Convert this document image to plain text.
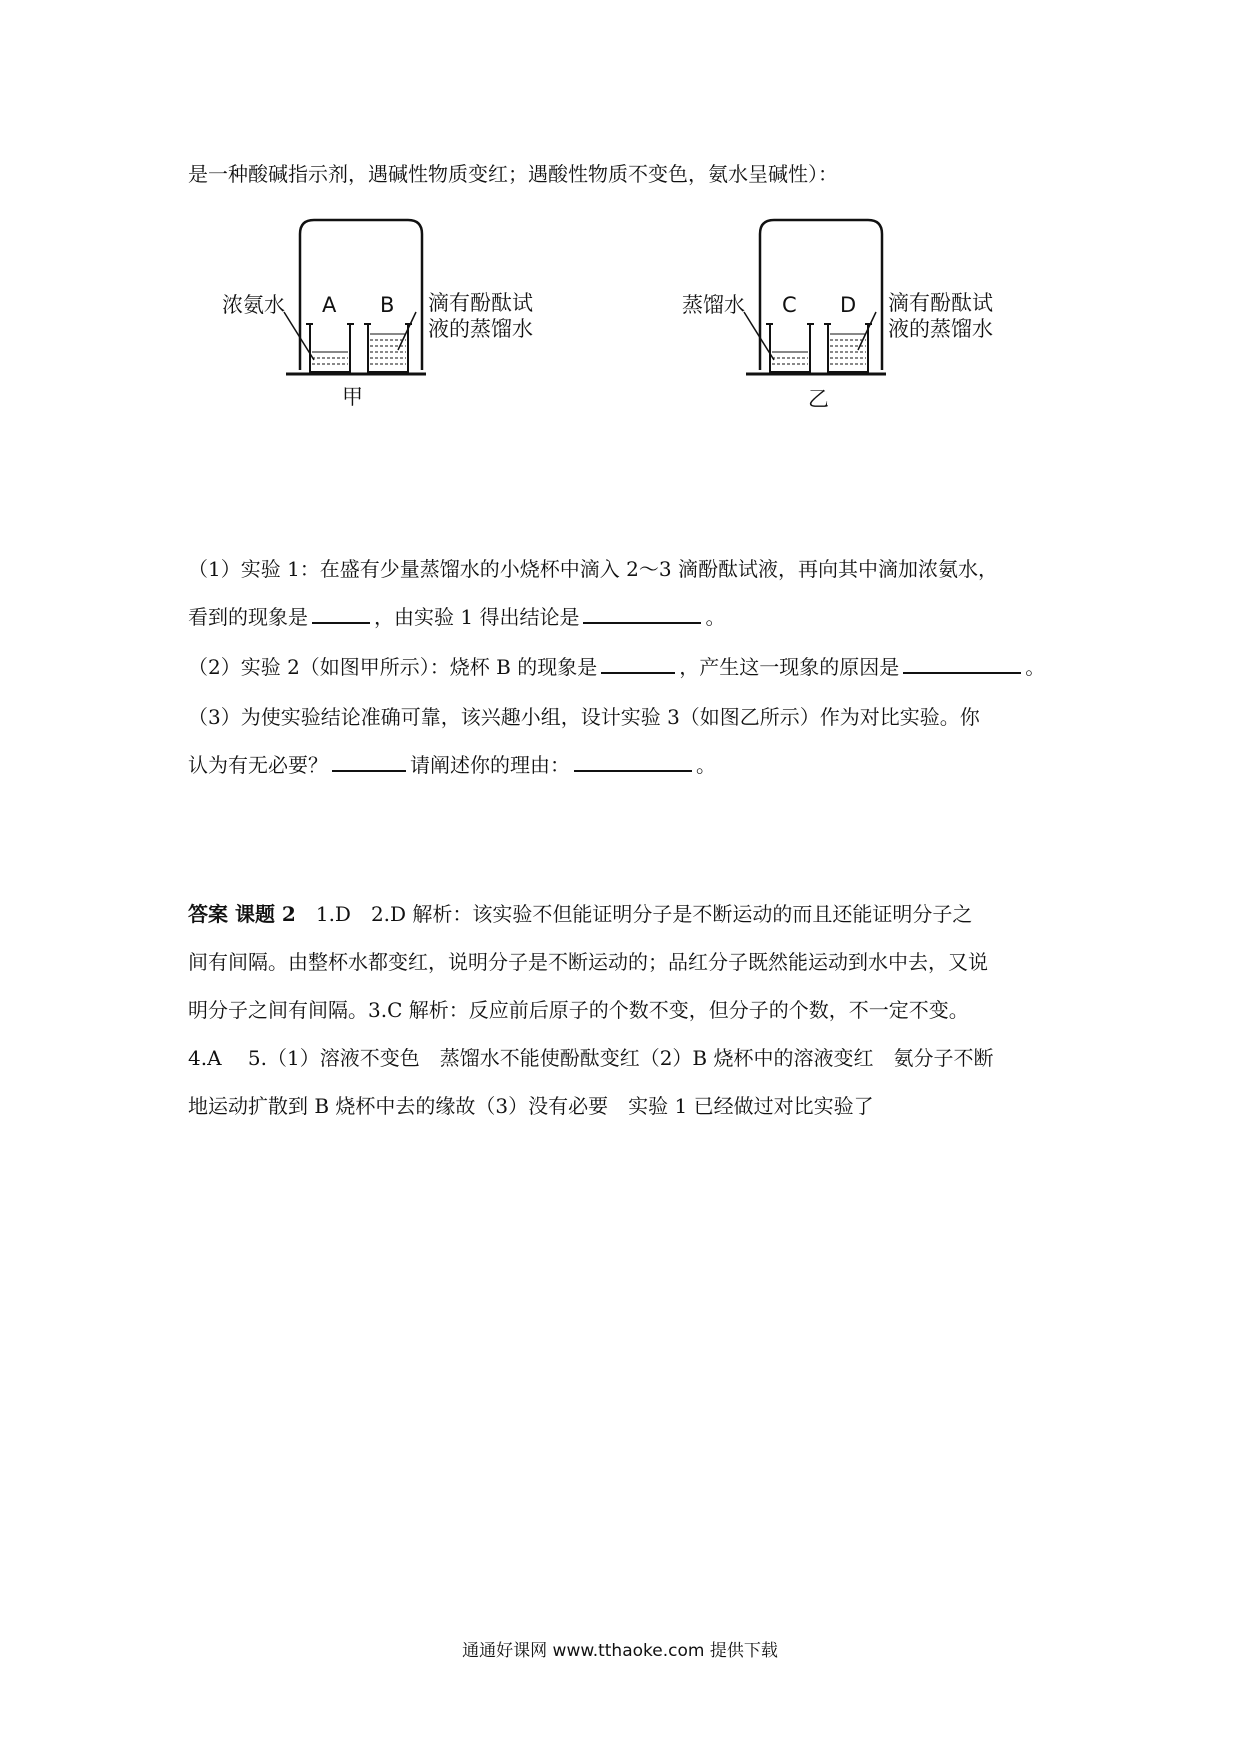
是一种酸碱指示剂，遇碱性物质变红；遇酸性物质不变色，氨水呈碱性）：
浓氨水 A B 滴有酚酞试
液的蒸馏水
甲
蒸馏水 C D 滴有酚酞试
液的蒸馏水
乙
（1）实验 1：在盛有少量蒸馏水的小烧杯中滴入 2～3 滴酚酞试液，再向其中滴加浓氨水，
看到的现象是	，由实验 1 得出结论是	。
（2）实验 2（如图甲所示）：烧杯 B 的现象是	，产生这一现象的原因是	。
（3）为使实验结论准确可靠，该兴趣小组，设计实验 3（如图乙所示）作为对比实验。你
认为有无必要？	请阐述你的理由：	。
答案 课题 2　1.D　2.D 解析：该实验不但能证明分子是不断运动的而且还能证明分子之
间有间隔。由整杯水都变红，说明分子是不断运动的；品红分子既然能运动到水中去，又说
明分子之间有间隔。3.C 解析：反应前后原子的个数不变，但分子的个数，不一定不变。
4.A　 5.（1）溶液不变色　蒸馏水不能使酚酞变红（2）B 烧杯中的溶液变红　氨分子不断
地运动扩散到 B 烧杯中去的缘故（3）没有必要　实验 1 已经做过对比实验了
通通好课网 www.tthaoke.com 提供下载
